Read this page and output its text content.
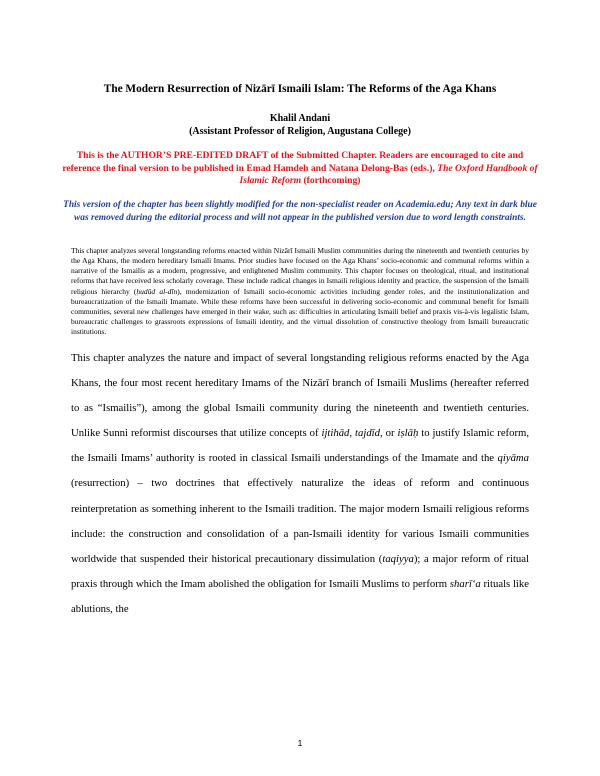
The Modern Resurrection of Nizārī Ismaili Islam: The Reforms of the Aga Khans
Khalil Andani
(Assistant Professor of Religion, Augustana College)
This is the AUTHOR’S PRE-EDITED DRAFT of the Submitted Chapter. Readers are encouraged to cite and reference the final version to be published in Emad Hamdeh and Natana Delong-Bas (eds.), The Oxford Handbook of Islamic Reform (forthcoming)
This version of the chapter has been slightly modified for the non-specialist reader on Academia.edu; Any text in dark blue was removed during the editorial process and will not appear in the published version due to word length constraints.
This chapter analyzes several longstanding reforms enacted within Nizārī Ismaili Muslim communities during the nineteenth and twentieth centuries by the Aga Khans, the modern hereditary Ismaili Imams. Prior studies have focused on the Aga Khans’ socio-economic and communal reforms within a narrative of the Ismailis as a modern, progressive, and enlightened Muslim community. This chapter focuses on theological, ritual, and institutional reforms that have received less scholarly coverage. These include radical changes in Ismaili religious identity and practice, the suspension of the Ismaili religious hierarchy (ḥudūd al-dīn), modernization of Ismaili socio-economic activities including gender roles, and the institutionalization and bureaucratization of the Ismaili Imamate. While these reforms have been successful in delivering socio-economic and communal benefit for Ismaili communities, several new challenges have emerged in their wake, such as: difficulties in articulating Ismaili belief and praxis vis-à-vis legalistic Islam, bureaucratic challenges to grassroots expressions of Ismaili identity, and the virtual dissolution of constructive theology from Ismaili bureaucratic institutions.
This chapter analyzes the nature and impact of several longstanding religious reforms enacted by the Aga Khans, the four most recent hereditary Imams of the Nizārī branch of Ismaili Muslims (hereafter referred to as “Ismailis”), among the global Ismaili community during the nineteenth and twentieth centuries. Unlike Sunni reformist discourses that utilize concepts of ijtihād, tajdīd, or iṣlāḥ to justify Islamic reform, the Ismaili Imams’ authority is rooted in classical Ismaili understandings of the Imamate and the qiyāma (resurrection) – two doctrines that effectively naturalize the ideas of reform and continuous reinterpretation as something inherent to the Ismaili tradition. The major modern Ismaili religious reforms include: the construction and consolidation of a pan-Ismaili identity for various Ismaili communities worldwide that suspended their historical precautionary dissimulation (taqiyya); a major reform of ritual praxis through which the Imam abolished the obligation for Ismaili Muslims to perform sharī‘a rituals like ablutions, the
1
